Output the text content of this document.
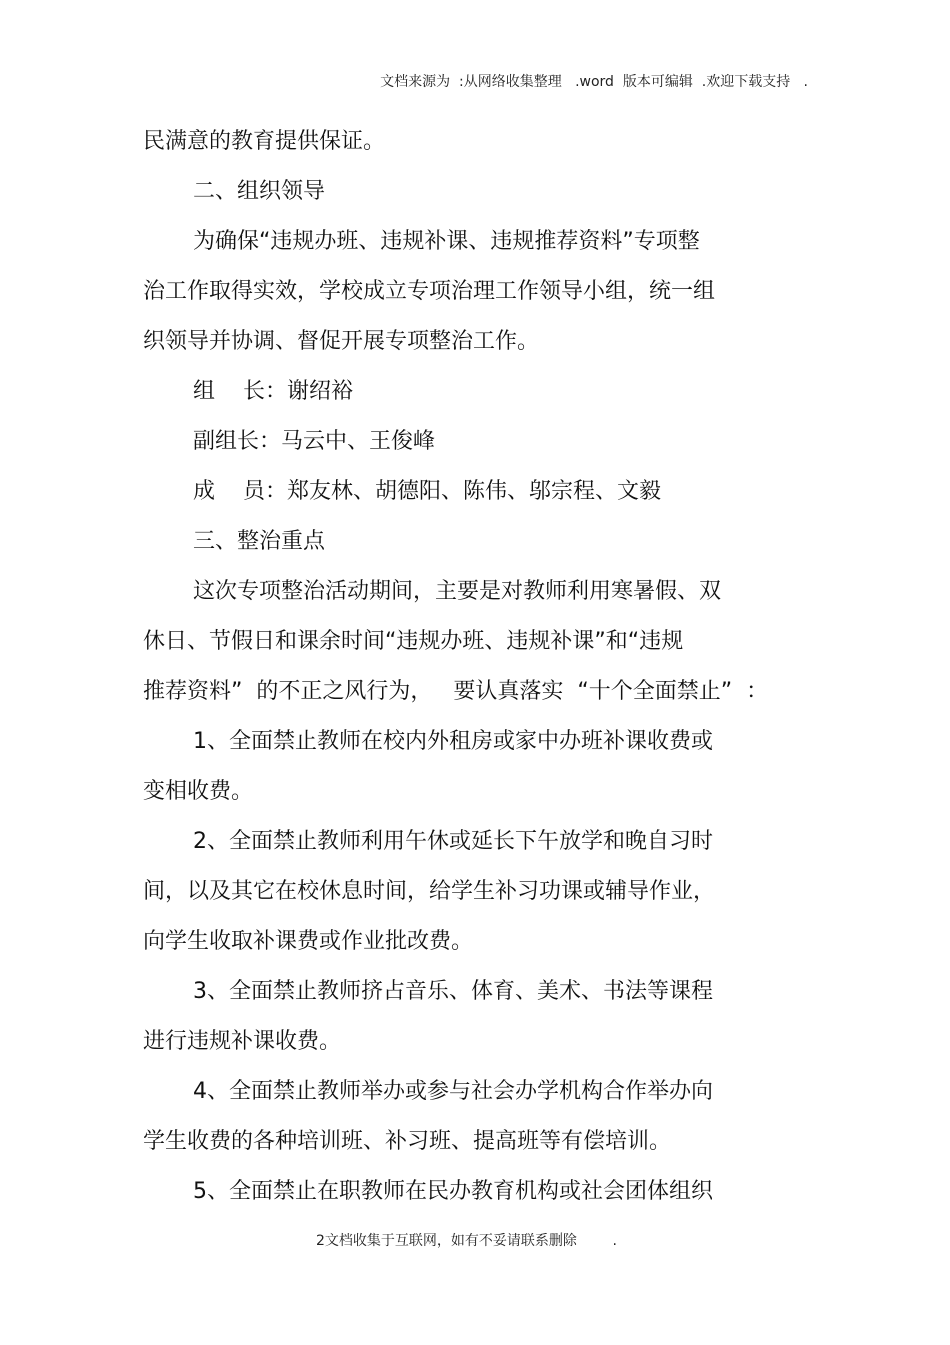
文档来源为  :从网络收集整理   .word  版本可编辑  .欢迎下载支持   .
民满意的教育提供保证。
二、组织领导
为确保“违规办班、违规补课、违规推荐资料”专项整
治工作取得实效，学校成立专项治理工作领导小组，统一组
织领导并协调、督促开展专项整治工作。
组    长：谢绍裕
副组长：马云中、王俊峰
成    员：郑友林、胡德阳、陈伟、邬宗程、文毅
三、整治重点
这次专项整治活动期间，主要是对教师利用寒暑假、双
休日、节假日和课余时间“违规办班、违规补课”和“违规
推荐资料”  的不正之风行为，   要认真落实  “十个全面禁止”  ：
1、全面禁止教师在校内外租房或家中办班补课收费或
变相收费。
2、全面禁止教师利用午休或延长下午放学和晚自习时
间，以及其它在校休息时间，给学生补习功课或辅导作业，
向学生收取补课费或作业批改费。
3、全面禁止教师挤占音乐、体育、美术、书法等课程
进行违规补课收费。
4、全面禁止教师举办或参与社会办学机构合作举办向
学生收费的各种培训班、补习班、提高班等有偿培训。
5、全面禁止在职教师在民办教育机构或社会团体组织
2文档收集于互联网，如有不妥请联系删除        .
